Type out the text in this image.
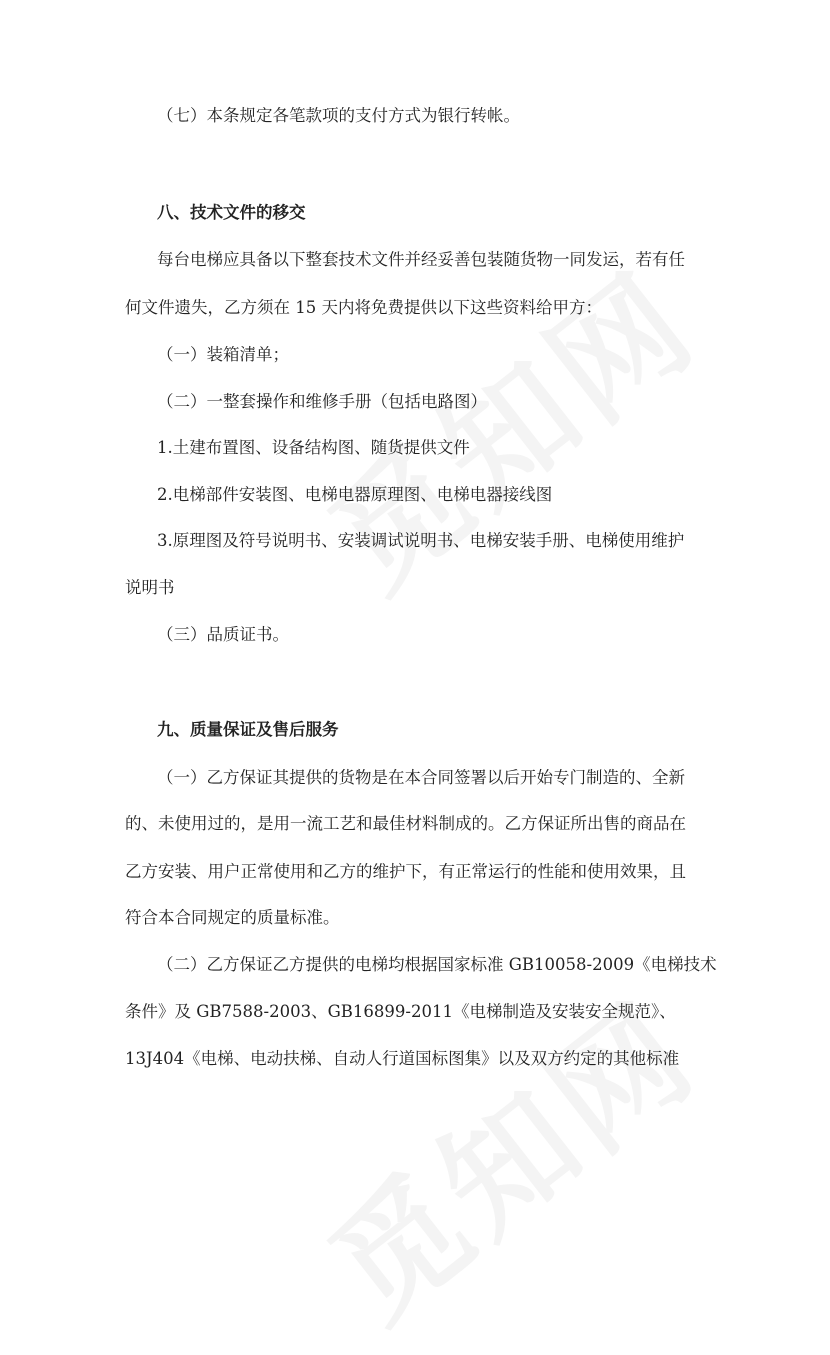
（七）本条规定各笔款项的支付方式为银行转帐。

八、技术文件的移交

每台电梯应具备以下整套技术文件并经妥善包装随货物一同发运，若有任

何文件遗失，乙方须在 15 天内将免费提供以下这些资料给甲方：

（一）装箱清单；

（二）一整套操作和维修手册（包括电路图）

1.土建布置图、设备结构图、随货提供文件

2.电梯部件安装图、电梯电器原理图、电梯电器接线图

3.原理图及符号说明书、安装调试说明书、电梯安装手册、电梯使用维护

说明书

（三）品质证书。

九、质量保证及售后服务

（一）乙方保证其提供的货物是在本合同签署以后开始专门制造的、全新

的、未使用过的，是用一流工艺和最佳材料制成的。乙方保证所出售的商品在

乙方安装、用户正常使用和乙方的维护下，有正常运行的性能和使用效果，且

符合本合同规定的质量标准。

（二）乙方保证乙方提供的电梯均根据国家标准 GB10058-2009《电梯技术

条件》及 GB7588-2003、GB16899-2011《电梯制造及安装安全规范》、

13J404《电梯、电动扶梯、自动人行道国标图集》以及双方约定的其他标准
